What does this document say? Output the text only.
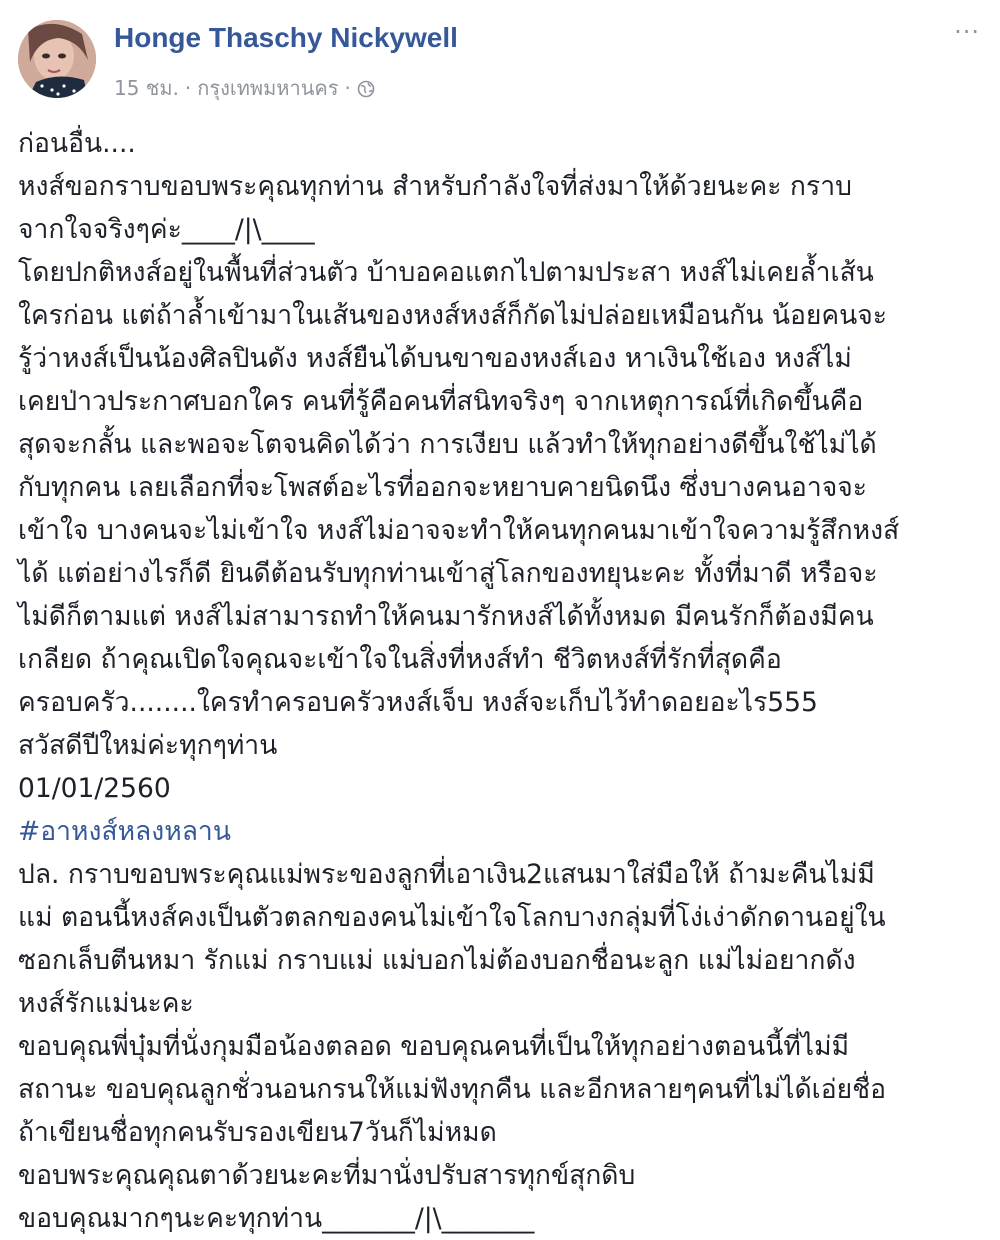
Honge Thaschy Nickywell
15 ชม. · กรุงเทพมหานคร ·
···

ก่อนอื่น....

หงส์ขอกราบขอบพระคุณทุกท่าน สำหรับกำลังใจที่ส่งมาให้ด้วยนะคะ กราบ

จากใจจริงๆค่ะ____/|\____

โดยปกติหงส์อยู่ในพื้นที่ส่วนตัว บ้าบอคอแตกไปตามประสา หงส์ไม่เคยล้ำเส้น

ใครก่อน แต่ถ้าล้ำเข้ามาในเส้นของหงส์หงส์ก็กัดไม่ปล่อยเหมือนกัน น้อยคนจะ

รู้ว่าหงส์เป็นน้องศิลปินดัง หงส์ยืนได้บนขาของหงส์เอง หาเงินใช้เอง หงส์ไม่

เคยป่าวประกาศบอกใคร คนที่รู้คือคนที่สนิทจริงๆ จากเหตุการณ์ที่เกิดขึ้นคือ

สุดจะกลั้น และพอจะโตจนคิดได้ว่า การเงียบ แล้วทำให้ทุกอย่างดีขึ้นใช้ไม่ได้

กับทุกคน เลยเลือกที่จะโพสต์อะไรที่ออกจะหยาบคายนิดนึง ซึ่งบางคนอาจจะ

เข้าใจ บางคนจะไม่เข้าใจ หงส์ไม่อาจจะทำให้คนทุกคนมาเข้าใจความรู้สึกหงส์

ได้ แต่อย่างไรก็ดี ยินดีต้อนรับทุกท่านเข้าสู่โลกของทยุนะคะ ทั้งที่มาดี หรือจะ

ไม่ดีก็ตามแต่ หงส์ไม่สามารถทำให้คนมารักหงส์ได้ทั้งหมด มีคนรักก็ต้องมีคน

เกลียด ถ้าคุณเปิดใจคุณจะเข้าใจในสิ่งที่หงส์ทำ ชีวิตหงส์ที่รักที่สุดคือ

ครอบครัว........ใครทำครอบครัวหงส์เจ็บ หงส์จะเก็บไว้ทำดอยอะไร555

สวัสดีปีใหม่ค่ะทุกๆท่าน

01/01/2560

#อาหงส์หลงหลาน

ปล. กราบขอบพระคุณแม่พระของลูกที่เอาเงิน2แสนมาใส่มือให้ ถ้ามะคืนไม่มี

แม่ ตอนนี้หงส์คงเป็นตัวตลกของคนไม่เข้าใจโลกบางกลุ่มที่โง่เง่าดักดานอยู่ใน

ซอกเล็บตีนหมา รักแม่ กราบแม่ แม่บอกไม่ต้องบอกชื่อนะลูก แม่ไม่อยากดัง

หงส์รักแม่นะคะ

ขอบคุณพี่บุ๋มที่นั่งกุมมือน้องตลอด ขอบคุณคนที่เป็นให้ทุกอย่างตอนนี้ที่ไม่มี

สถานะ ขอบคุณลูกชั่วนอนกรนให้แม่ฟังทุกคืน และอีกหลายๆคนที่ไม่ได้เอ่ยชื่อ

ถ้าเขียนชื่อทุกคนรับรองเขียน7วันก็ไม่หมด

ขอบพระคุณคุณตาด้วยนะคะที่มานั่งปรับสารทุกข์สุกดิบ

ขอบคุณมากๆนะคะทุกท่าน_______/|\_______
